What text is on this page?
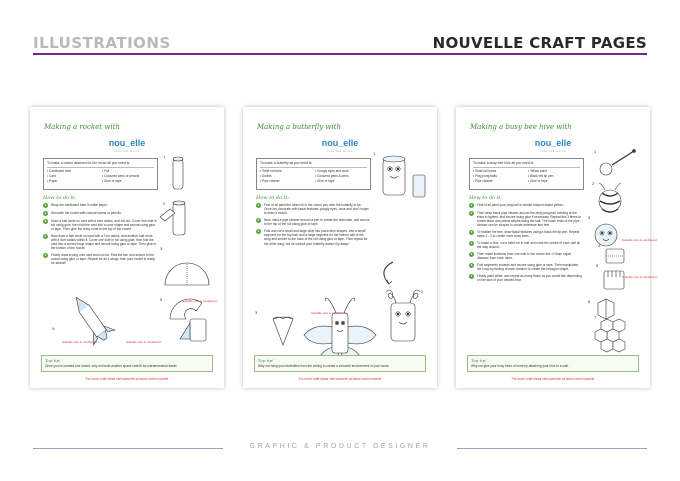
ILLUSTRATIONS	NOUVELLE CRAFT PAGES
Making a rocket with
nou_elle
Inspired Home
To make a rocket destined for the moon all you need is:
• Cardboard tube	• Foil
• Card	• Coloured pens or pencils
• Paper	• Glue or tape
How to do it:
1	Wrap the cardboard tube in white paper.
2	Decorate the rocket with coloured pens or pencils.
3	Draw a half circle on card with a 6cm radius, and cut out. Cover one side in foil using glue, then fold the card into a cone shape and secure using glue or tape. Then glue the shiny cone to the top of the rocket.
4	Now draw a half circle on card with a 7cm radius, and another half circle with a 5cm radius within it. Cover one side in foil using glue, then fold the card into a curved hoop shape and secure using glue or tape. Then glue to the bottom of the rocket.
5	Finally draw a wing onto card and cut out. Fold the tab, and secure to the rocket using glue or tape. Repeat for all 4 wings, then your rocket is ready for takeoff!
1
2
3
4
5	Suitable size in cardboard
Suitable size in cardboard	Suitable size in cardboard
Top tip!
Once you've created one rocket, why not build another space craft fit for extraterrestrial travel.
For more craft ideas visit www.life-at-home.com/nouvelle
Making a butterfly with
nou_elle
Inspired Home
To make a butterfly all you need is:
• Toilet roll tube	• Googly eyes and wool
• Doilies	• Coloured pens & pens
• Pipe cleaner	• Glue or tape
How to do it:
1	First of all paint the toilet roll in the colour you wish the butterfly to be. Once dry, decorate with facial features: googly eyes, nose and don't forget to draw a mouth.
2	Next, twist a pipe cleaner around a pen to create the antennae, and secure to the top of the roll using glue or tape.
3	Fold and cut a small and large doily into pizza slice shapes. Use a small segment for the top half, and a large segment for the bottom half of the wing and secure to the back of the roll using glue or tape. Then repeat for the other wing, but be careful your butterfly doesn't fly away!
1
3
2
Suitable size in cardboard
Top tip!
Why not hang your butterflies from the ceiling to create a colourful environment in your home.
For more craft ideas visit www.life-at-home.com/nouvelle
Making a busy bee hive with
nou_elle
Inspired Home
To make a busy bee hive all you need is:
• Toilet roll tubes	• Yellow paint
• Ping pong balls	• Black felt tip pen
• Pipe cleaner	• Glue or tape
How to do it:
1	First of all paint your ping ball or similar shaped object yellow.
2	Then wrap black pipe cleaner around the ping pong ball, twisting at the ends to tighten, and secure using glue if necessary. Repeat this 3 times to create black and yellow stripes along the ball. The loose ends of the pipe cleaner can be shaped to create antennae and feet.
3	To finalise the bee, draw facial features using a black felt tip pen. Repeat steps 1 - 3 to create more busy bees.
4	To make a hive, cut a toilet roll in half and mark the centre of each half all the way around.
5	Then make incisions from one side to the centre line. 0.5mm equal distance from each other.
6	Fold segments inwards and secure using glue or tape. Then manipulate the hoop by folding at each incision to create the hexagon shape.
7	Finally paint white, and repeat as many times as you would like depending on the size of your desired hive.
1
2
3
4
5
6
7
Suitable size in cardboard
Suitable size in cardboard
Top tip!
Why not give your busy bees a home by attaching your hive to a wall.
For more craft ideas visit www.life-at-home.com/nouvelle
GRAPHIC & PRODUCT DESIGNER
